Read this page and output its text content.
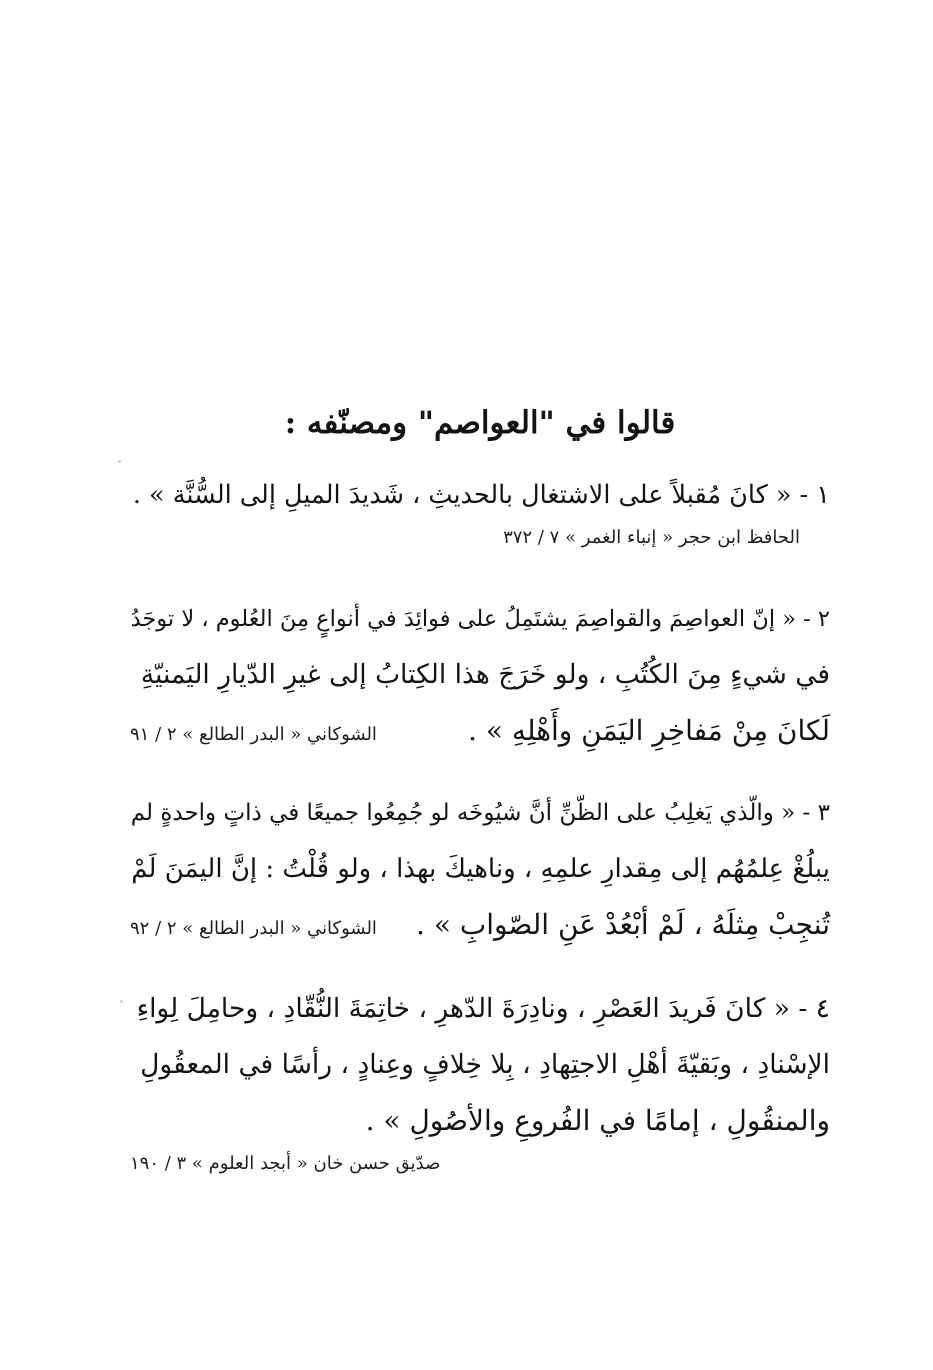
قالوا في "العواصم" ومصنّفه :
١ - « كانَ مُقبلاً على الاشتغال بالحديثِ ، شَديدَ الميلِ إلى السُّنَّة » .
الحافظ ابن حجر « إنباء الغمر » ٧ / ٣٧٢
٢ - « إنّ العواصِمَ والقواصِمَ يشتَمِلُ على فوائِدَ في أنواعٍ مِنَ العُلوم ، لا توجَدُ
في شيءٍ مِنَ الكُتُبِ ، ولو خَرَجَ هذا الكِتابُ إلى غيرِ الدّيارِ اليَمنيّةِ
لَكانَ مِنْ مَفاخِرِ اليَمَنِ وأَهْلِهِ » .
الشوكاني « البدر الطالع » ٢ / ٩١
٣ - « والّذي يَغلِبُ على الظّنِّ أنَّ شيُوخَه لو جُمِعُوا جميعًا في ذاتٍ واحدةٍ لم
يبلُغْ عِلمُهُم إلى مِقدارِ علمِهِ ، وناهيكَ بهذا ، ولو قُلْتُ : إنَّ اليمَنَ لَمْ
تُنجِبْ مِثلَهُ ، لَمْ أبْعُدْ عَنِ الصّوابِ » .
الشوكاني « البدر الطالع » ٢ / ٩٢
٤ - « كانَ فَريدَ العَصْرِ ، ونادِرَةَ الدّهرِ ، خاتِمَةَ النُّقّادِ ، وحامِلَ لِواءِ
الإسْنادِ ، وبَقيّةَ أهْلِ الاجتِهادِ ، بِلا خِلافٍ وعِنادٍ ، رأسًا في المعقُولِ
والمنقُولِ ، إمامًا في الفُروعِ والأصُولِ » .
صدّيق حسن خان « أبجد العلوم » ٣ / ١٩٠
